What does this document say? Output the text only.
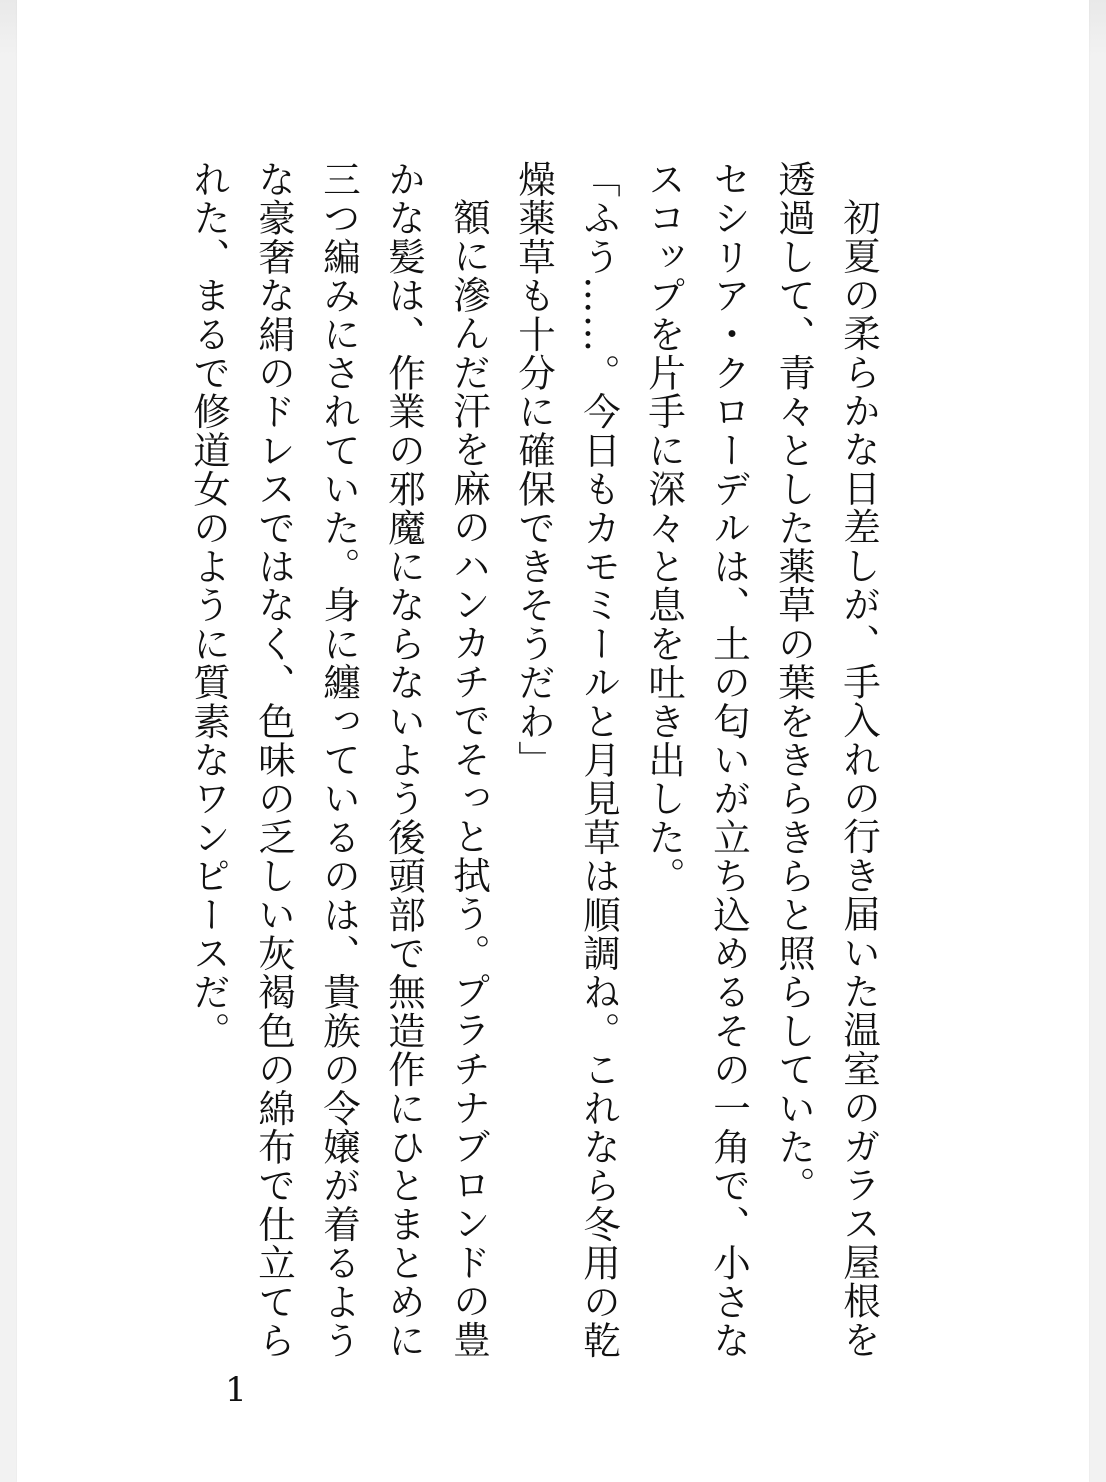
初夏の柔らかな日差しが、手入れの行き届いた温室のガラス屋根を透過して、青々とした薬草の葉をきらきらと照らしていた。

セシリア・クローデルは、土の匂いが立ち込めるその一角で、小さなスコップを片手に深々と息を吐き出した。

「ふう……。今日もカモミールと月見草は順調ね。これなら冬用の乾燥薬草も十分に確保できそうだわ」

額に滲んだ汗を麻のハンカチでそっと拭う。プラチナブロンドの豊かな髪は、作業の邪魔にならないよう後頭部で無造作にひとまとめに三つ編みにされていた。身に纏っているのは、貴族の令嬢が着るような豪奢な絹のドレスではなく、色味の乏しい灰褐色の綿布で仕立てられた、まるで修道女のように質素なワンピースだ。

1
